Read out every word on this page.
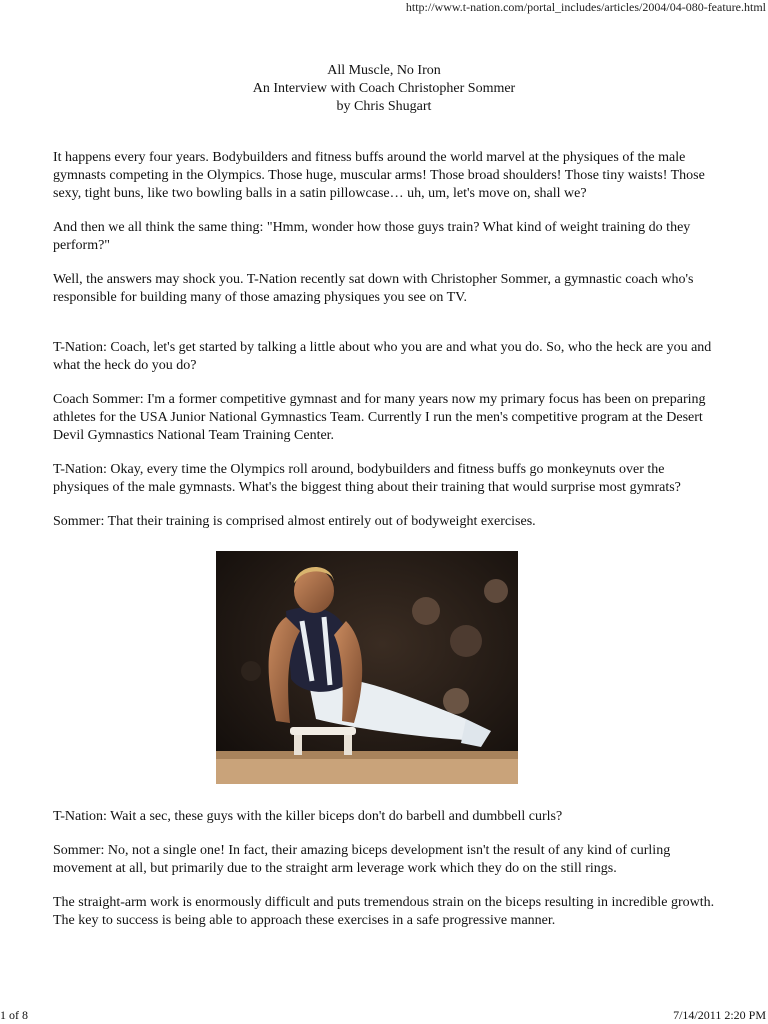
http://www.t-nation.com/portal_includes/articles/2004/04-080-feature.html
All Muscle, No Iron
An Interview with Coach Christopher Sommer
by Chris Shugart

It happens every four years. Bodybuilders and fitness buffs around the world marvel at the physiques of the male gymnasts competing in the Olympics. Those huge, muscular arms! Those broad shoulders! Those tiny waists! Those sexy, tight buns, like two bowling balls in a satin pillowcase… uh, um, let's move on, shall we?

And then we all think the same thing: "Hmm, wonder how those guys train? What kind of weight training do they perform?"

Well, the answers may shock you. T-Nation recently sat down with Christopher Sommer, a gymnastic coach who's responsible for building many of those amazing physiques you see on TV.

T-Nation: Coach, let's get started by talking a little about who you are and what you do. So, who the heck are you and what the heck do you do?

Coach Sommer: I'm a former competitive gymnast and for many years now my primary focus has been on preparing athletes for the USA Junior National Gymnastics Team. Currently I run the men's competitive program at the Desert Devil Gymnastics National Team Training Center.

T-Nation: Okay, every time the Olympics roll around, bodybuilders and fitness buffs go monkeynuts over the physiques of the male gymnasts. What's the biggest thing about their training that would surprise most gymrats?

Sommer: That their training is comprised almost entirely out of bodyweight exercises.

T-Nation: Wait a sec, these guys with the killer biceps don't do barbell and dumbbell curls?

Sommer: No, not a single one! In fact, their amazing biceps development isn't the result of any kind of curling movement at all, but primarily due to the straight arm leverage work which they do on the still rings.

The straight-arm work is enormously difficult and puts tremendous strain on the biceps resulting in incredible growth. The key to success is being able to approach these exercises in a safe progressive manner.

1 of 8	7/14/2011 2:20 PM
